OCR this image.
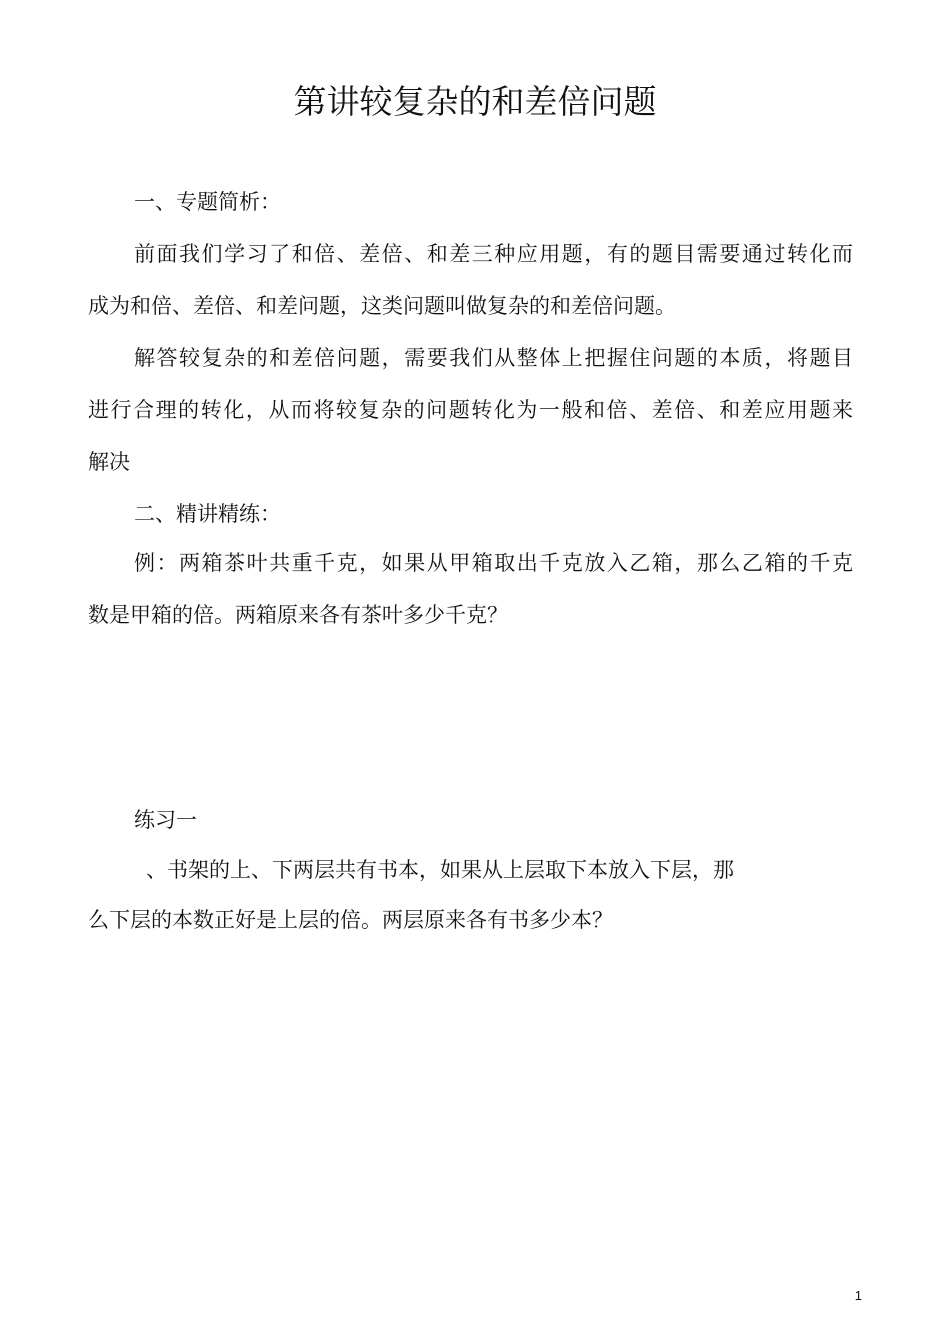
第讲较复杂的和差倍问题

一、专题简析：

前面我们学习了和倍、差倍、和差三种应用题，有的题目需要通过转化而

成为和倍、差倍、和差问题，这类问题叫做复杂的和差倍问题。

解答较复杂的和差倍问题，需要我们从整体上把握住问题的本质，将题目

进行合理的转化，从而将较复杂的问题转化为一般和倍、差倍、和差应用题来

解决

二、精讲精练：

例：两箱茶叶共重千克，如果从甲箱取出千克放入乙箱，那么乙箱的千克

数是甲箱的倍。两箱原来各有茶叶多少千克？

练习一

、书架的上、下两层共有书本，如果从上层取下本放入下层，那

么下层的本数正好是上层的倍。两层原来各有书多少本？

1
